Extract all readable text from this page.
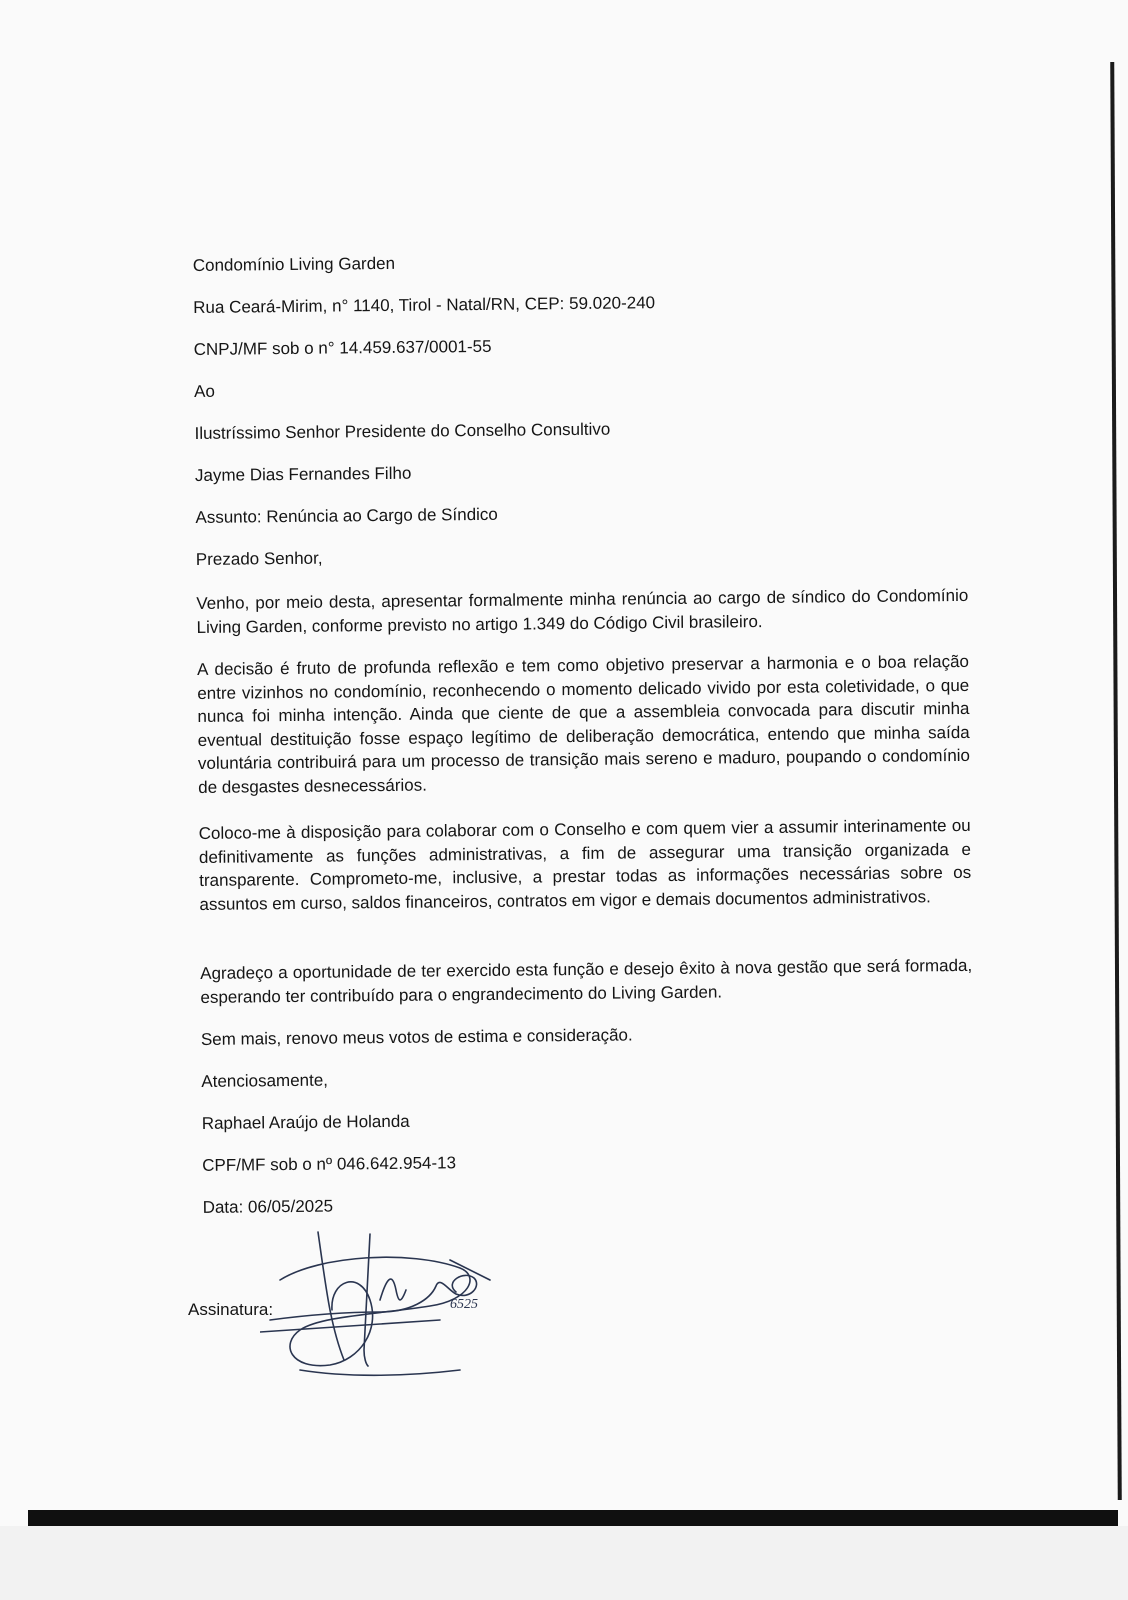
Condomínio Living Garden
Rua Ceará-Mirim, n° 1140, Tirol - Natal/RN, CEP: 59.020-240
CNPJ/MF sob o n° 14.459.637/0001-55
Ao
Ilustríssimo Senhor Presidente do Conselho Consultivo
Jayme Dias Fernandes Filho
Assunto: Renúncia ao Cargo de Síndico
Prezado Senhor,
Venho, por meio desta, apresentar formalmente minha renúncia ao cargo de síndico do Condomínio Living Garden, conforme previsto no artigo 1.349 do Código Civil brasileiro.
A decisão é fruto de profunda reflexão e tem como objetivo preservar a harmonia e o boa relação entre vizinhos no condomínio, reconhecendo o momento delicado vivido por esta coletividade, o que nunca foi minha intenção. Ainda que ciente de que a assembleia convocada para discutir minha eventual destituição fosse espaço legítimo de deliberação democrática, entendo que minha saída voluntária contribuirá para um processo de transição mais sereno e maduro, poupando o condomínio de desgastes desnecessários.
Coloco-me à disposição para colaborar com o Conselho e com quem vier a assumir interinamente ou definitivamente as funções administrativas, a fim de assegurar uma transição organizada e transparente. Comprometo-me, inclusive, a prestar todas as informações necessárias sobre os assuntos em curso, saldos financeiros, contratos em vigor e demais documentos administrativos.
Agradeço a oportunidade de ter exercido esta função e desejo êxito à nova gestão que será formada, esperando ter contribuído para o engrandecimento do Living Garden.
Sem mais, renovo meus votos de estima e consideração.
Atenciosamente,
Raphael Araújo de Holanda
CPF/MF sob o nº 046.642.954-13
Data: 06/05/2025
Assinatura:	6525
